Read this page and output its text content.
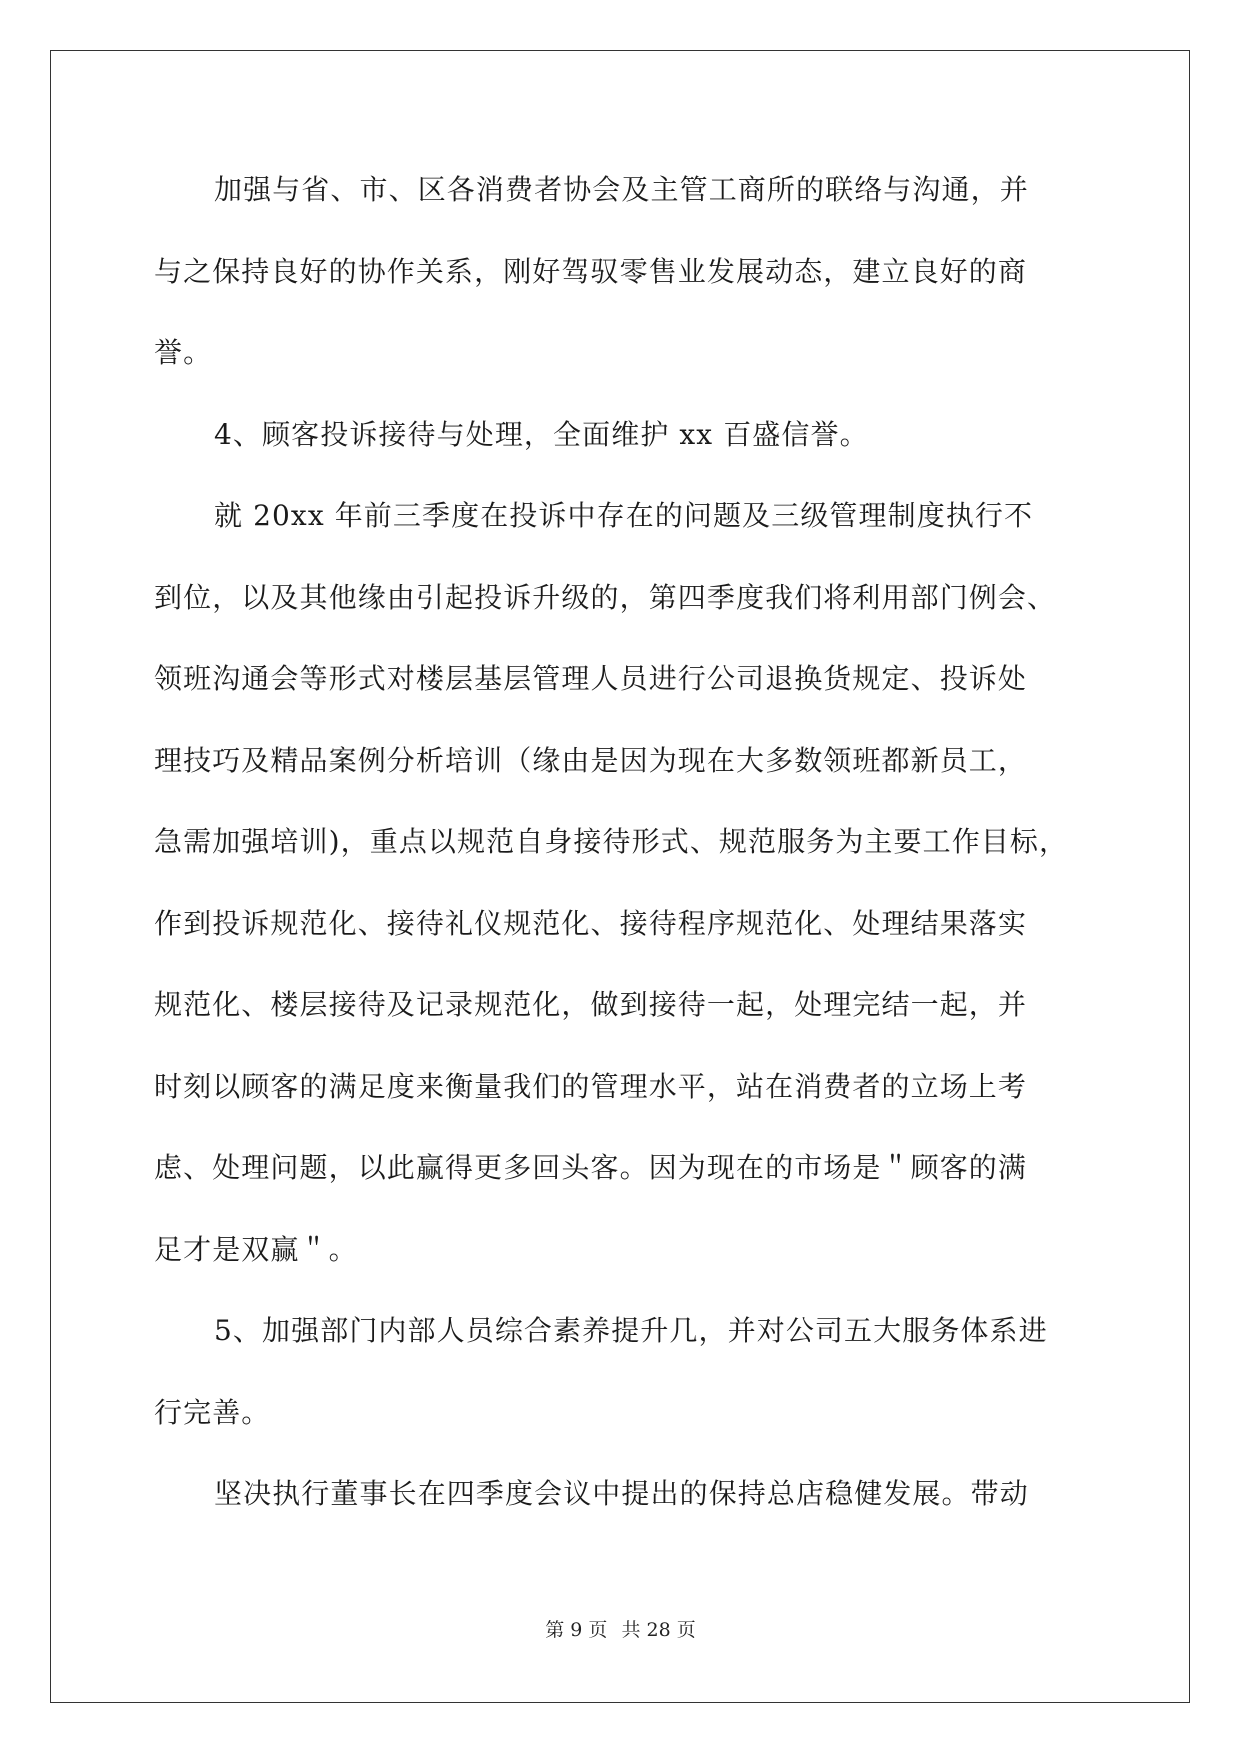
加强与省、市、区各消费者协会及主管工商所的联络与沟通，并
与之保持良好的协作关系，刚好驾驭零售业发展动态，建立良好的商
誉。
4、顾客投诉接待与处理，全面维护 xx 百盛信誉。
就 20xx 年前三季度在投诉中存在的问题及三级管理制度执行不
到位，以及其他缘由引起投诉升级的，第四季度我们将利用部门例会、
领班沟通会等形式对楼层基层管理人员进行公司退换货规定、投诉处
理技巧及精品案例分析培训（缘由是因为现在大多数领班都新员工，
急需加强培训)，重点以规范自身接待形式、规范服务为主要工作目标，
作到投诉规范化、接待礼仪规范化、接待程序规范化、处理结果落实
规范化、楼层接待及记录规范化，做到接待一起，处理完结一起，并
时刻以顾客的满足度来衡量我们的管理水平，站在消费者的立场上考
虑、处理问题，以此赢得更多回头客。因为现在的市场是＂顾客的满
足才是双赢＂。
5、加强部门内部人员综合素养提升几，并对公司五大服务体系进
行完善。
坚决执行董事长在四季度会议中提出的保持总店稳健发展。带动
第 9 页 共 28 页
